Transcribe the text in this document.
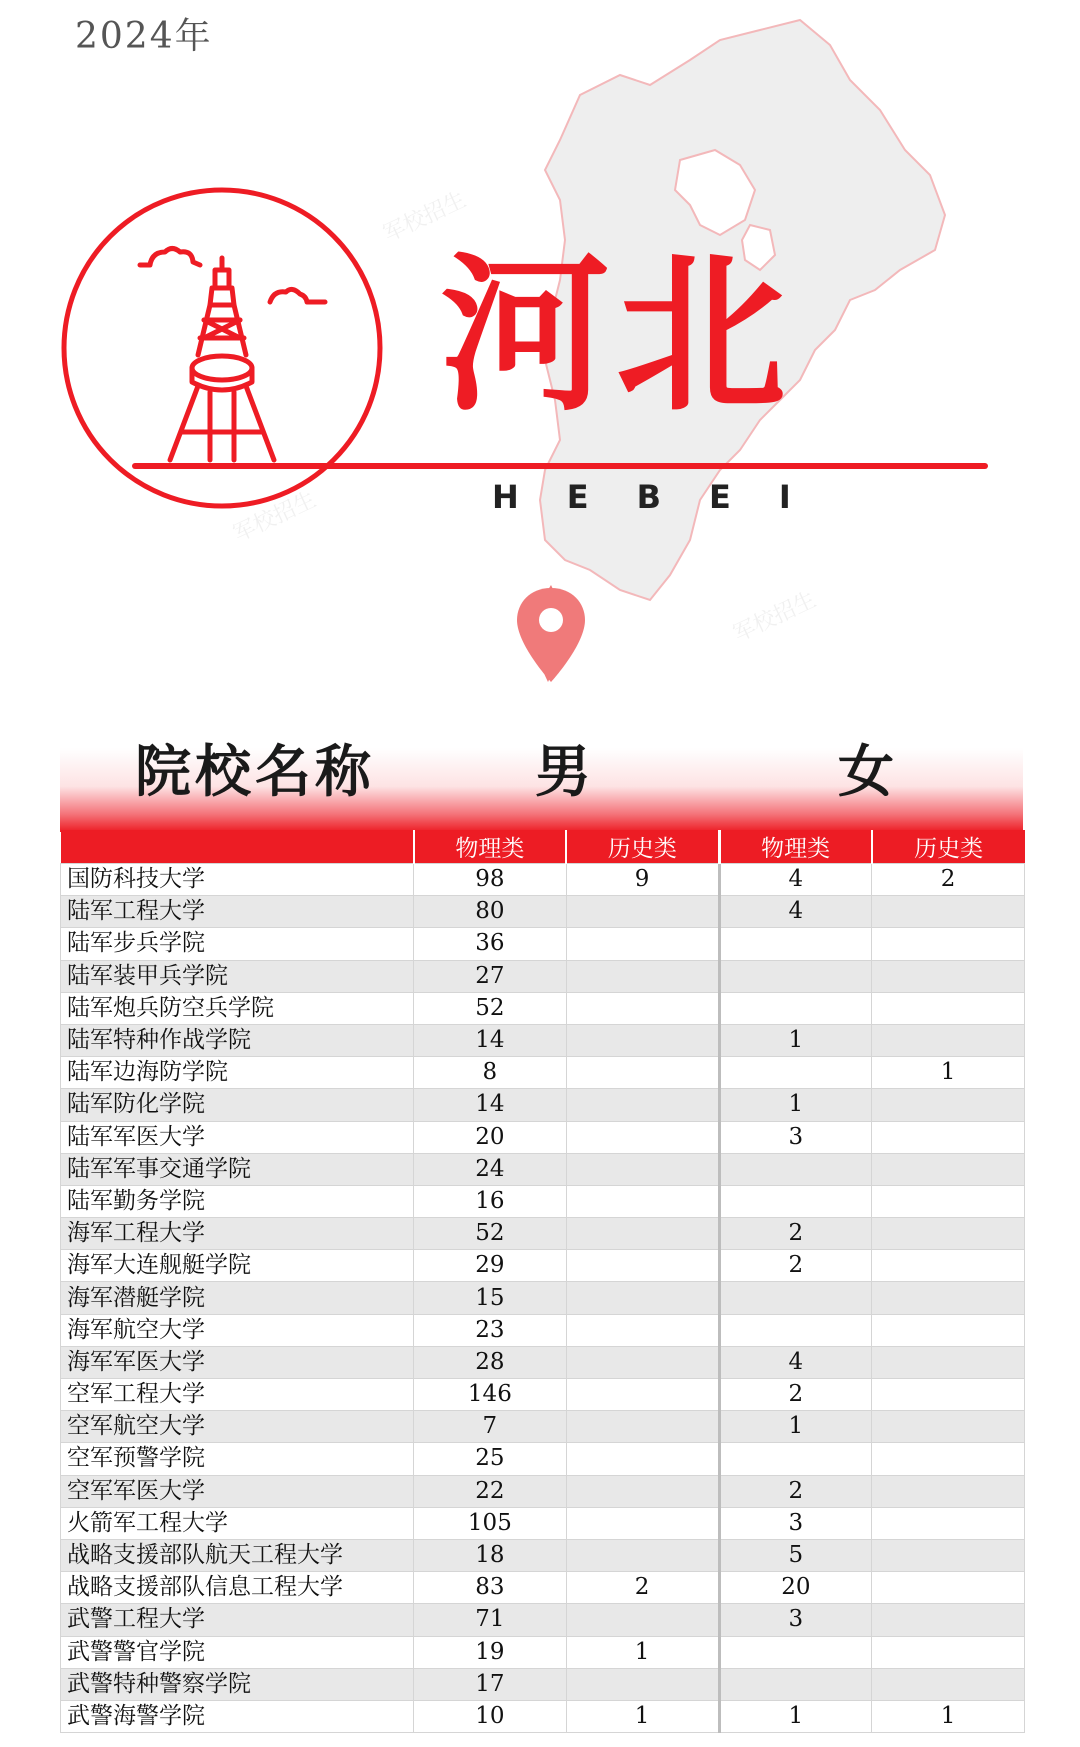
2024年
河北
HEBEI
军校招生
军校招生
军校招生
院校名称	男	女
	物理类	历史类	物理类	历史类
国防科技大学	98	9	4	2
陆军工程大学	80		4	
陆军步兵学院	36			
陆军装甲兵学院	27			
陆军炮兵防空兵学院	52			
陆军特种作战学院	14		1	
陆军边海防学院	8			1
陆军防化学院	14		1	
陆军军医大学	20		3	
陆军军事交通学院	24			
陆军勤务学院	16			
海军工程大学	52		2	
海军大连舰艇学院	29		2	
海军潜艇学院	15			
海军航空大学	23			
海军军医大学	28		4	
空军工程大学	146		2	
空军航空大学	7		1	
空军预警学院	25			
空军军医大学	22		2	
火箭军工程大学	105		3	
战略支援部队航天工程大学	18		5	
战略支援部队信息工程大学	83	2	20	
武警工程大学	71		3	
武警警官学院	19	1		
武警特种警察学院	17			
武警海警学院	10	1	1	1
